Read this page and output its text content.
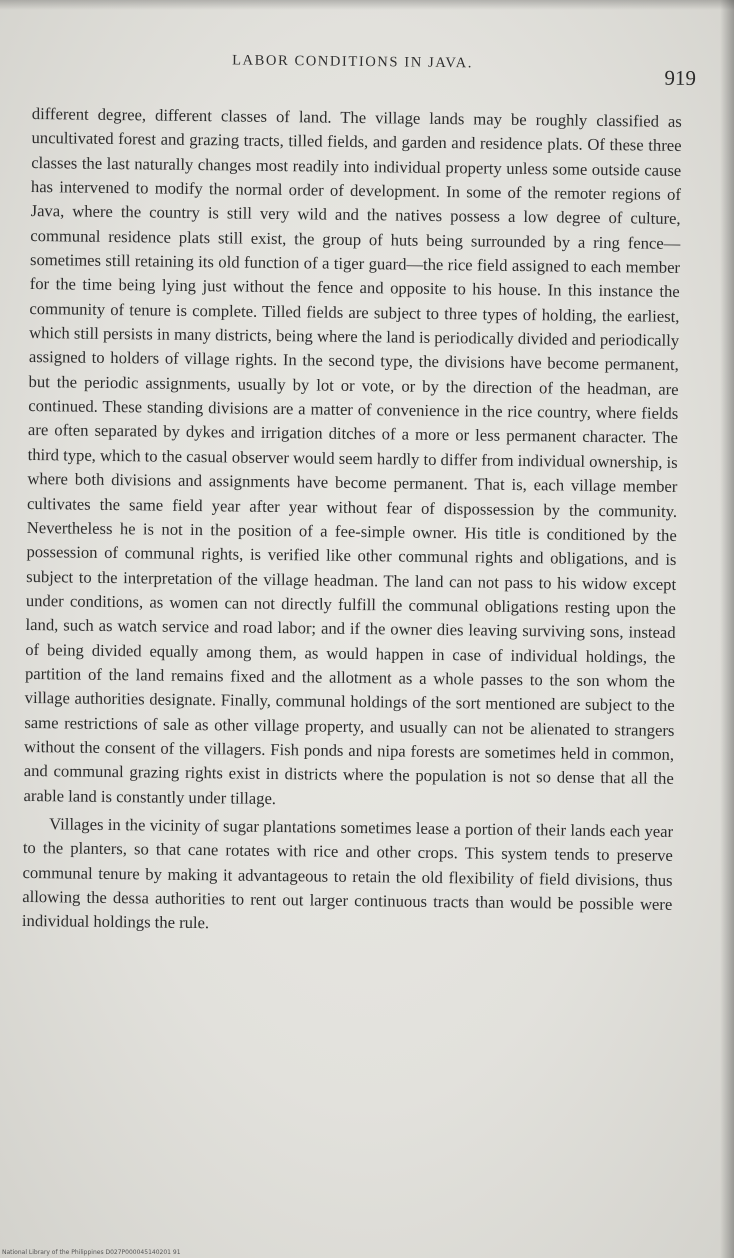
LABOR CONDITIONS IN JAVA.
919

different degree, different classes of land. The village lands may be roughly classified as uncultivated forest and grazing tracts, tilled fields, and garden and residence plats. Of these three classes the last naturally changes most readily into individual property unless some outside cause has intervened to modify the normal order of development. In some of the remoter regions of Java, where the country is still very wild and the natives possess a low degree of culture, communal residence plats still exist, the group of huts being surrounded by a ring fence—sometimes still retaining its old function of a tiger guard—the rice field assigned to each member for the time being lying just without the fence and opposite to his house. In this instance the community of tenure is complete. Tilled fields are subject to three types of holding, the earliest, which still persists in many districts, being where the land is periodically divided and periodically assigned to holders of village rights. In the second type, the divisions have become permanent, but the periodic assignments, usually by lot or vote, or by the direction of the headman, are continued. These standing divisions are a matter of convenience in the rice country, where fields are often separated by dykes and irrigation ditches of a more or less permanent character. The third type, which to the casual observer would seem hardly to differ from individual ownership, is where both divisions and assignments have become permanent. That is, each village member cultivates the same field year after year without fear of dispossession by the community. Nevertheless he is not in the position of a fee-simple owner. His title is conditioned by the possession of communal rights, is verified like other communal rights and obligations, and is subject to the interpretation of the village headman. The land can not pass to his widow except under conditions, as women can not directly fulfill the communal obligations resting upon the land, such as watch service and road labor; and if the owner dies leaving surviving sons, instead of being divided equally among them, as would happen in case of individual holdings, the partition of the land remains fixed and the allotment as a whole passes to the son whom the village authorities designate. Finally, communal holdings of the sort mentioned are subject to the same restrictions of sale as other village property, and usually can not be alienated to strangers without the consent of the villagers. Fish ponds and nipa forests are sometimes held in common, and communal grazing rights exist in districts where the population is not so dense that all the arable land is constantly under tillage.

Villages in the vicinity of sugar plantations sometimes lease a portion of their lands each year to the planters, so that cane rotates with rice and other crops. This system tends to preserve communal tenure by making it advantageous to retain the old flexibility of field divisions, thus allowing the dessa authorities to rent out larger continuous tracts than would be possible were individual holdings the rule.

National Library of the Philippines D027P000045140201 91
